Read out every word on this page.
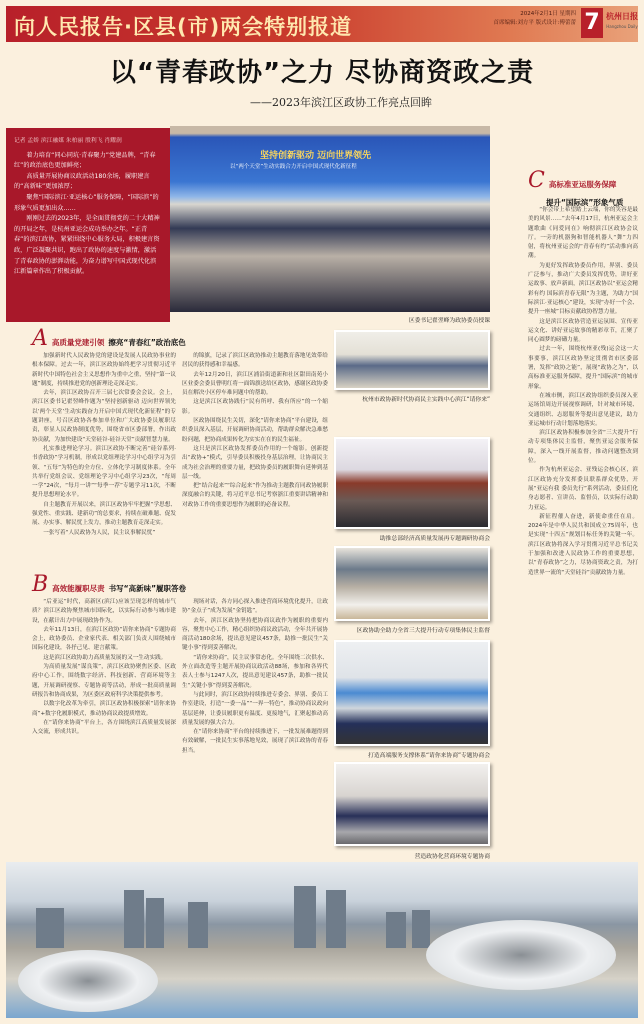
向人民报告·区县(市)两会特别报道
2024年2月1日 星期四
首席编辑:刘方平 版式设计:傅蕾蕾 7 杭州日报
Hangzhou Daily
以“青春政协”之力 尽协商资政之责
——2023年滨江区政协工作亮点回眸
记者 孟娇 滨江融媒 朱柏丽 殷利飞 肖耀润

着力培育“同心同坑·青春聚力”党建品牌，“青春红”的政治底色更加鲜亮；

高质量开展协商议政活动180余场，履职建言的“高新味”更加浓厚；

聚焦“国际滨江·亚运核心”服务保障，“国际滨”的形象气质更加出众……

刚刚过去的2023年，是全面贯彻党的二十大精神的开局之年，是杭州亚运会成功举办之年。“正青春”的滨江政协，紧紧围绕中心服务大局，积极建言资政，广泛凝聚共识，跑出了政协的速度与激情，激活了青春政协的澎湃动能，为奋力谱写中国式现代化滨江新篇章作出了积极贡献。

坚持创新驱动 迈向世界领先
以“两个天堂”生动实践合力开启中国式现代化新征程
区委书记翟翌峰为政协委员授课
A 高质量党建引领 擦亮“青春红”政治底色

加强新时代人民政协党的建设是发展人民政协事业的根本保障。过去一年，滨江区政协始终把学习贯彻习近平新时代中国特色社会主义思想作为重中之重，坚持“第一议题”制度，持续推进党的创新理论走深走实。

去年，滨江区政协召开三届七次常委会会议。会上，滨江区委书记翟翌峰作题为“坚持创新驱动 迈向世界领先 以‘两个天堂’生动实践奋力开启中国式现代化新征程”的专题讲座，号召区政协各参加单位和广大政协委员履职尽责，彰显人民政协制度优势，围绕省市区委部署，作出政协贡献，为加快建设“天堂硅谷·硅谷天堂”贡献智慧力量。

扎实推进理论学习。滨江区政协不断完善“硅谷系列·书香政协”学习机制，形成以党组理论学习中心组学习为引领、“五每”为特色的全方位、立体化学习制度体系。全年共举行党组会议、党组理论学习中心组学习23次，“每周一学”24次，“每月一讲”“每季一荐”专题学习11次，不断提升思想理论水平。

自主题教育开展以来，滨江区政协牢牢把握“学思想、强党性、重实践、建新功”的总要求，持续在破难题、促发展、办实事、解民忧上发力，推动主题教育走深走实。

一张写着“人民政协为人民，民主议事解民忧”

的锦旗，记录了滨江区政协推动主题教育落地见效带给居民的获得感和幸福感。

去年12月20日，滨江区浦沿街道新和社区甜田南苑小区业委会委员曹明红将一面锦旗送给区政协，感谢区政协委员在解决小区停车难问题中的帮助。

这是滨江区政协践行“民有所呼、我有所应”的一个缩影。

区政协围绕民生关切，深化“请你来协商”平台建设，组织委员深入基层，开展调研协商活动，帮助群众解决急难愁盼问题，把协商成果转化为实实在在的民生福祉。

这只是滨江区政协发挥委员作用的一个缩影。创新提出“政协+”模式，引导委员积极投身基层治理，让协商民主成为社会治理的重要力量，把政协委员的履职舞台延伸到基层一线。

把“结合起来”“综合起来”作为推动主题教育同政协履职深度融合的关键，将习近平总书记考察浙江重要讲话精神和对政协工作的重要思想作为履职的必备议程。

B 高效能履职尽责 书写“高新味”履职答卷

“后亚运”时代，高新区(滨江)应该呈现怎样的城市气质？滨江区政协聚焦城市国际化，以实际行动参与城市建设，在献计出力中展现政协作为。

去年11月13日，在滨江区政协“请你来协商”专题协商会上，政协委员、企业家代表、相关部门负责人围绕城市国际化建设，各抒己见、建言献策。

这是滨江区政协助力高质量发展的又一生动实践。

为高质量发展“谋良策”，滨江区政协聚焦区委、区政府中心工作，围绕数字经济、科技创新、营商环境等主题，开展调研视察、专题协商等活动，形成一批高质量调研报告和协商成果，为区委区政府科学决策提供参考。

以数字化改革为牵引，滨江区政协积极探索“请你来协商”+数字化履职模式，推动协商议政提质增效。

在“请你来协商”平台上，各方围绕滨江高质量发展深入交流，形成共识。

现场对话，各方同心探入推进营商环境优化提升，让政协“金点子”成为发展“金钥匙”。

去年，滨江区政协坚持把协商议政作为履职的重要内容，聚焦中心工作，精心组织协商议政活动，全年共开展协商活动180余场，提出意见建议457条，助推一批民生“关键小事”得到妥善解决。

“请你来协商”，民主议事常态化。全年围绕二次供水、外立面改造等主题开展协商议政活动88场，参加和各界代表人士参与1247人次，提出意见建议457条，助推一批民生“关键小事”得到妥善解决。

与此同时，滨江区政协持续推进专委会、界别、委员工作室建设，打造“一委一品”“一界一特色”，推动协商议政向基层延伸，让委员履职更有温度、更接地气，汇聚起推动高质量发展的强大合力。

在“请你来协商”平台的持续推进下，一批发展难题得到有效破解，一批民生实事落地见效，展现了滨江政协的青春担当。

杭州市政协新时代协商民主实践中心滨江“请你来”
助推总部经济高质量发展再专题调研协商会
区政协助全助力全省三大提升行动专项集体民主监督
打造高端服务支撑体系“请你来协商”专题协商会
营造政协化营商环境专题协商
C 高标准亚运服务保障
提升“国际滨”形象气质

“你会带上希望踏上云端，你的笑容是最美的风景……”去年4月17日，杭州亚运会主题歌曲《同爱同在》响彻滨江区政协会议厅。一旁的机器狗和智能机器人“舞”力四射，将杭州亚运会的“青春有约”活动推向高潮。

为更好发挥政协委员作用，界别、委员广泛参与，推动广大委员发挥优势，讲好亚运故事、放声新面，滨江区政协以“亚运会精彩有约 国际滨青春无限”为主题，为助力“国际滨江·亚运核心”建设，实现“办好一个会、提升一座城”目标贡献政协智慧力量。

这是滨江区政协营造亚运氛围、宣传亚运文化、讲好亚运故事的精彩章节，汇聚了同心圆梦的磅礴力量。

过去一年，围绕杭州亚(残)运会这一大事要事，滨江区政协坚定贯彻省市区委部署，发挥“政协之能”，展现“政协之为”，以高标准亚运服务保障，提升“国际滨”的城市形象。

在城市侧，滨江区政协组织委员深入亚运场馆周边开展视察调研，针对城市环境、交通组织、志愿服务等提出意见建议，助力亚运城市行动计划落地落实。

滨江区政协积极参加全省“三大提升”行动专项集体民主监督，聚焦亚运会服务保障，深入一线开展监督，推动问题整改到位。

作为杭州亚运会、亚残运会核心区，滨江区政协充分发挥委员联系群众优势，开展“亚运有我 委员先行”系列活动，委员们化身志愿者、宣讲员、监督员，以实际行动助力亚运。

新征程催人奋进，新使命重任在肩。2024年是中华人民共和国成立75周年，也是实现“十四五”规划目标任务的关键一年。滨江区政协将深入学习贯彻习近平总书记关于加强和改进人民政协工作的重要思想，以“青春政协”之力，尽协商资政之责，为打造世界一流的“天堂硅谷”贡献政协力量。
